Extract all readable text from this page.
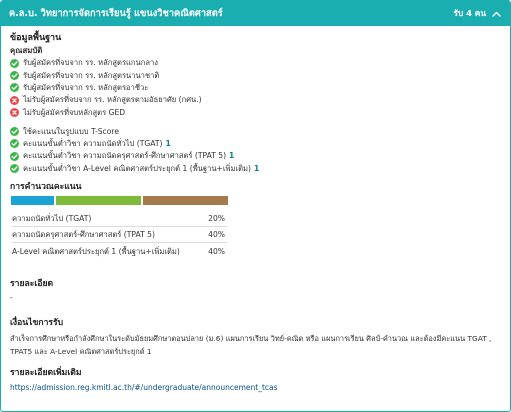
ค.ล.บ. วิทยาการจัดการเรียนรู้ แขนงวิชาคณิตศาสตร์	รับ 4 คน
ข้อมูลพื้นฐาน
คุณสมบัติ
รับผู้สมัครที่จบจาก รร. หลักสูตรแกนกลาง
รับผู้สมัครที่จบจาก รร. หลักสูตรนานาชาติ
รับผู้สมัครที่จบจาก รร. หลักสูตรอาชีวะ
ไม่รับผู้สมัครที่จบจาก รร. หลักสูตรตามอัธยาศัย (กศน.)
ไม่รับผู้สมัครที่จบหลักสูตร GED
ใช้คะแนนในรูปแบบ T-Score
คะแนนขั้นต่ำวิชา ความถนัดทั่วไป (TGAT) 1
คะแนนขั้นต่ำวิชา ความถนัดครุศาสตร์-ศึกษาศาสตร์ (TPAT 5) 1
คะแนนขั้นต่ำวิชา A-Level คณิตศาสตร์ประยุกต์ 1 (พื้นฐาน+เพิ่มเติม) 1
การคำนวณคะแนน
ความถนัดทั่วไป (TGAT)	20%
ความถนัดครุศาสตร์-ศึกษาศาสตร์ (TPAT 5)	40%
A-Level คณิตศาสตร์ประยุกต์ 1 (พื้นฐาน+เพิ่มเติม)	40%
รายละเอียด
-
เงื่อนไขการรับ
สำเร็จการศึกษาหรือกำลังศึกษาในระดับมัธยมศึกษาตอนปลาย (ม.6) แผนการเรียน วิทย์-คณิต หรือ แผนการเรียน ศิลป์-คำนวณ และต้องมีคะแนน TGAT , TPAT5 และ A-Level คณิตศาสตร์ประยุกต์ 1
รายละเอียดเพิ่มเติม
https://admission.reg.kmitl.ac.th/#/undergraduate/announcement_tcas
